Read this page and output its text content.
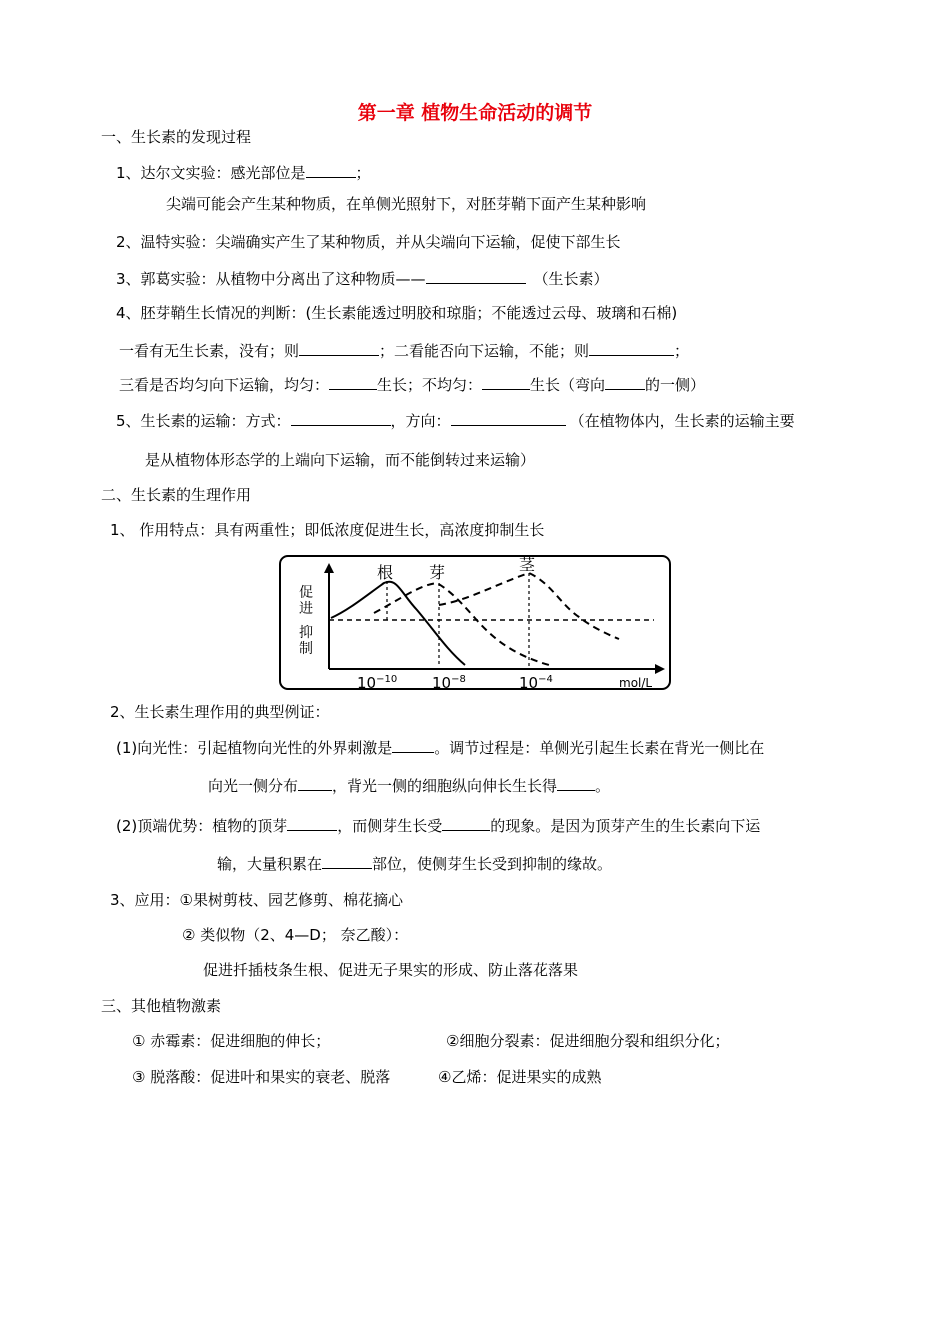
第一章 植物生命活动的调节
一、生长素的发现过程
1、达尔文实验：感光部位是	；
尖端可能会产生某种物质，在单侧光照射下，对胚芽鞘下面产生某种影响
2、温特实验：尖端确实产生了某种物质，并从尖端向下运输，促使下部生长
3、郭葛实验：从植物中分离出了这种物质——	（生长素）
4、胚芽鞘生长情况的判断：(生长素能透过明胶和琼脂；不能透过云母、玻璃和石棉)
一看有无生长素，没有；则	；二看能否向下运输，不能；则	；
三看是否均匀向下运输，均匀：	生长；不均匀：	生长（弯向	的一侧）
5、生长素的运输：方式：	，方向：	（在植物体内，生长素的运输主要
是从植物体形态学的上端向下运输，而不能倒转过来运输）
二、生长素的生理作用
1、 作用特点：具有两重性；即低浓度促进生长，高浓度抑制生长
促进
抑制
根 芽	茎
$10^{-10}$ $10^{-8}$	$10^{-4}$	mol/L
2、生长素生理作用的典型例证：
(1)向光性：引起植物向光性的外界刺激是	。调节过程是：单侧光引起生长素在背光一侧比在
向光一侧分布 ，背光一侧的细胞纵向伸长生长得	。
(2)顶端优势：植物的顶芽	，而侧芽生长受	的现象。是因为顶芽产生的生长素向下运
输，大量积累在	部位，使侧芽生长受到抑制的缘故。
3、应用：①果树剪枝、园艺修剪、棉花摘心
② 类似物（2、4—D； 奈乙酸）：
促进扦插枝条生根、促进无子果实的形成、防止落花落果
三、其他植物激素
① 赤霉素：促进细胞的伸长；	②细胞分裂素：促进细胞分裂和组织分化；
③ 脱落酸：促进叶和果实的衰老、脱落	④乙烯：促进果实的成熟
